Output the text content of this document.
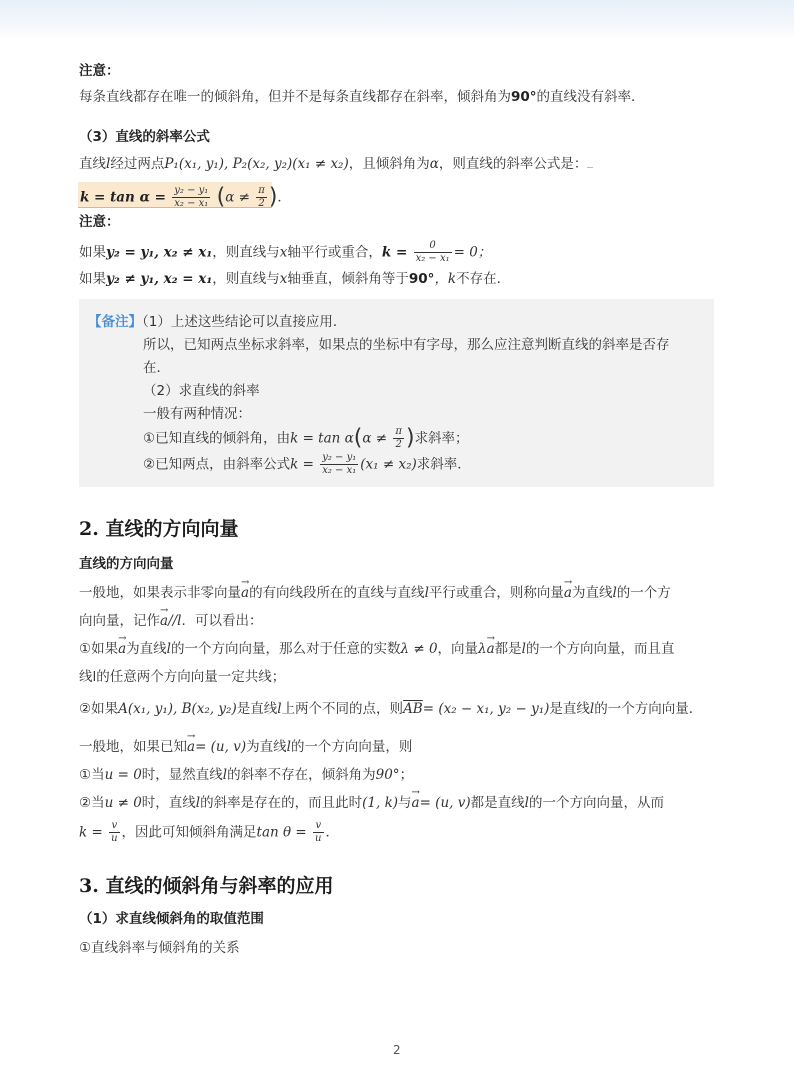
注意：
每条直线都存在唯一的倾斜角，但并不是每条直线都存在斜率，倾斜角为90°的直线没有斜率．
（3）直线的斜率公式
直线l经过两点P₁(x₁, y₁), P₂(x₂, y₂)(x₁ ≠ x₂)，且倾斜角为α，则直线的斜率公式是：
$k = \tan \alpha = \frac{\text{y₂ − y₁}}{\text{x₂ − x₁}} (\alpha \ne \frac{\pi}{2}$ )．
注意：
如果y₂ = y₁, x₂ ≠ x₁，则直线与x轴平行或重合，$k = \frac{0}{\text{x₂ − x₁}} = 0$；
如果y₂ ≠ y₁, x₂ = x₁，则直线与x轴垂直，倾斜角等于90°，k不存在．
【备注】（1）上述这些结论可以直接应用．
所以，已知两点坐标求斜率，如果点的坐标中有字母，那么应注意判断直线的斜率是否存
在．
（2）求直线的斜率
一般有两种情况：
①已知直线的倾斜角，由$k = \tan \alpha(\alpha \ne \frac{\pi}{2}$ )求斜率；
②已知两点，由斜率公式$k = \frac{\text{y₂ − y₁}}{\text{x₂ − x₁}} (x_1 \ne x_2)$求斜率．
2. 直线的方向向量
直线的方向向量
一般地，如果表示非零向量→ a的有向线段所在的直线与直线l平行或重合，则称向量→ a为直线l的一个方
向向量，记作→ a//l．可以看出：
①如果→ a为直线l的一个方向向量，那么对于任意的实数λ ≠ 0，向量λ→ a都是l的一个方向向量，而且直
线l的任意两个方向向量一定共线；
②如果A(x₁, y₁), B(x₂, y₂)是直线l上两个不同的点，则$\overline{AB}= (x_2 - x_1$, y₂ − y₁)是直线l的一个方向向量．
一般地，如果已知→ a= (u, v)为直线l的一个方向向量，则
①当u = 0时，显然直线l的斜率不存在，倾斜角为90°；
②当u ≠ 0时，直线l的斜率是存在的，而且此时(1, k)与→ a= (u, v)都是直线l的一个方向向量，从而
$k = \frac{v}{u}$ ，因此可知倾斜角满足$\tan \theta = \frac{v}{u}$ ．
3. 直线的倾斜角与斜率的应用
（1）求直线倾斜角的取值范围
①直线斜率与倾斜角的关系
2
